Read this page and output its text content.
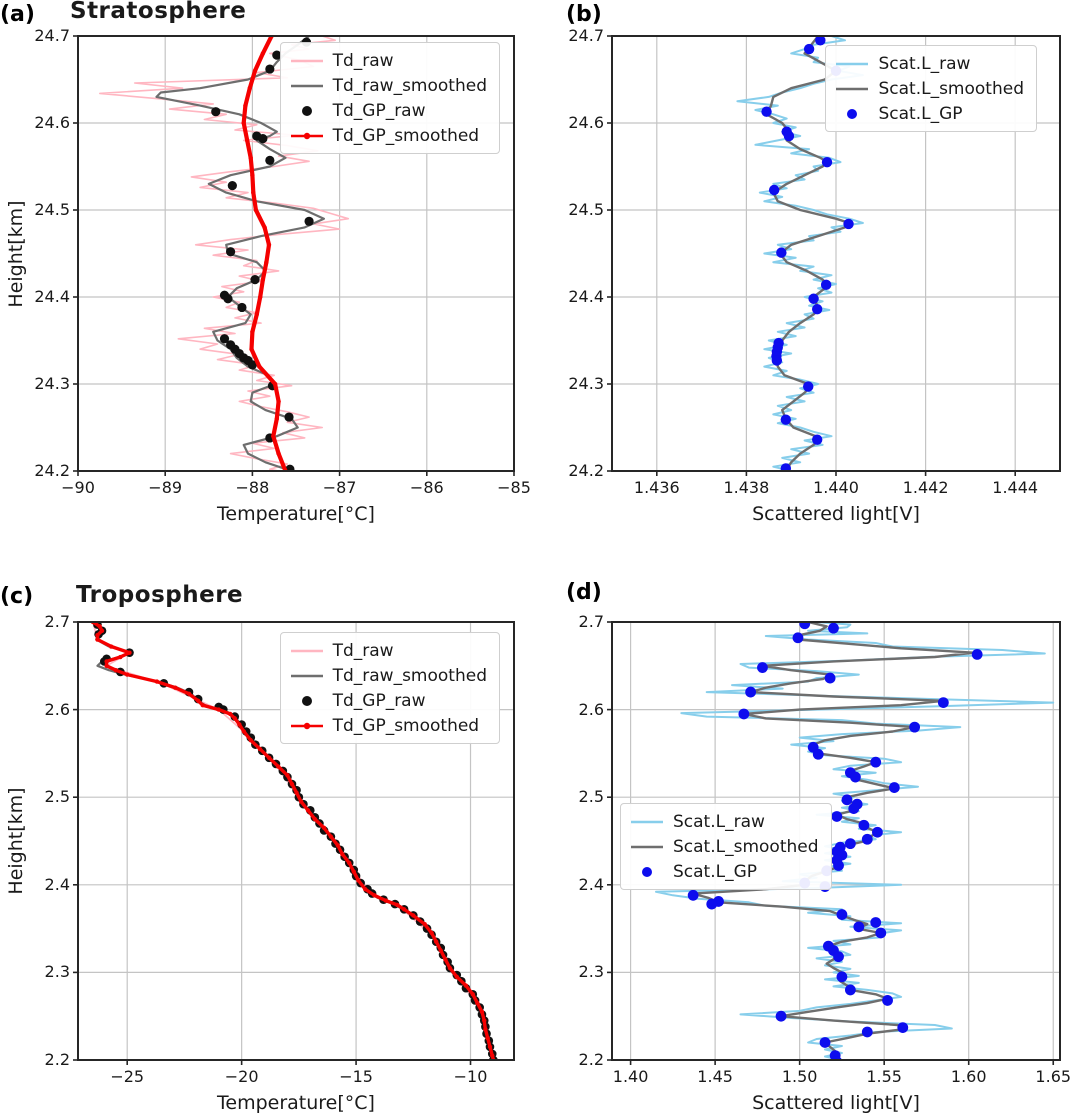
(a) Stratosphere
Height[km]
Temperature[°C]
Td_raw
Td_raw_smoothed
Td_GP_raw
Td_GP_smoothed
−90	−89	−88	−87	−86	−85
24.7
24.6
24.5
24.4
24.3
24.2
(b)
Scattered light[V]
Scat.L_raw
Scat.L_smoothed
Scat.L_GP
1.436	1.438	1.440	1.442	1.444
24.7
24.6
24.5
24.4
24.3
24.2
(c) Troposphere
Height[km]
Temperature[°C]
Td_raw
Td_raw_smoothed
Td_GP_raw
Td_GP_smoothed
−25	−20	−15	−10
2.7
2.6
2.5
2.4
2.3
2.2
(d)
Scattered light[V]
Scat.L_raw
Scat.L_smoothed
Scat.L_GP
1.40	1.45	1.50	1.55	1.60	1.65
2.7
2.6
2.5
2.4
2.3
2.2
